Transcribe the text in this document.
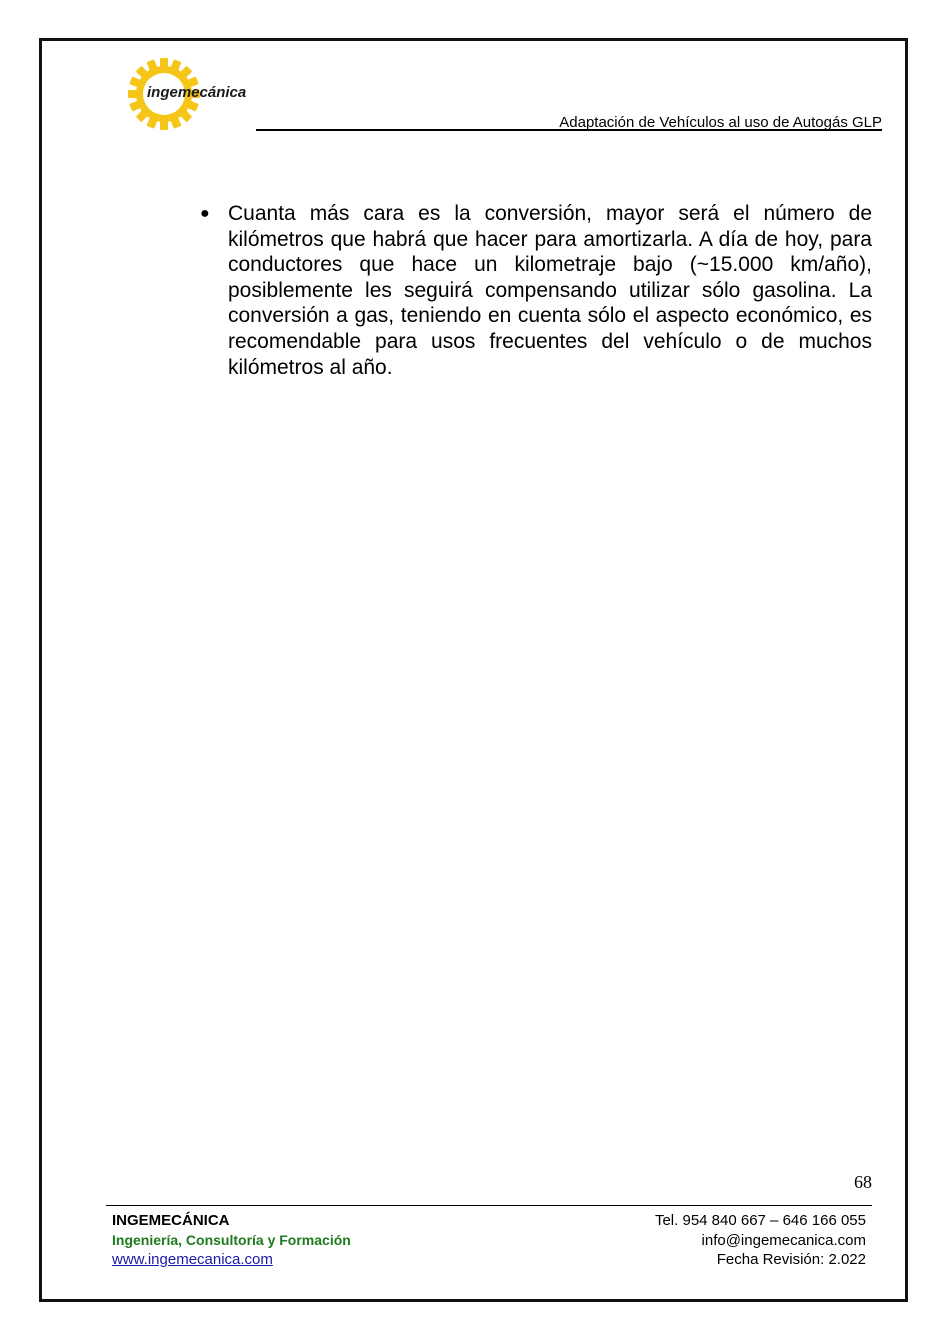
ingemecánica
Adaptación de Vehículos al uso de Autogás GLP
● Cuanta más cara es la conversión, mayor será el número de kilómetros que habrá que hacer para amortizarla. A día de hoy, para conductores que hace un kilometraje bajo (~15.000 km/año), posiblemente les seguirá compensando utilizar sólo gasolina. La conversión a gas, teniendo en cuenta sólo el aspecto económico, es recomendable para usos frecuentes del vehículo o de muchos kilómetros al año.
68
INGEMECÁNICA
Ingeniería, Consultoría y Formación
www.ingemecanica.com
Tel. 954 840 667 – 646 166 055
info@ingemecanica.com
Fecha Revisión: 2.022
